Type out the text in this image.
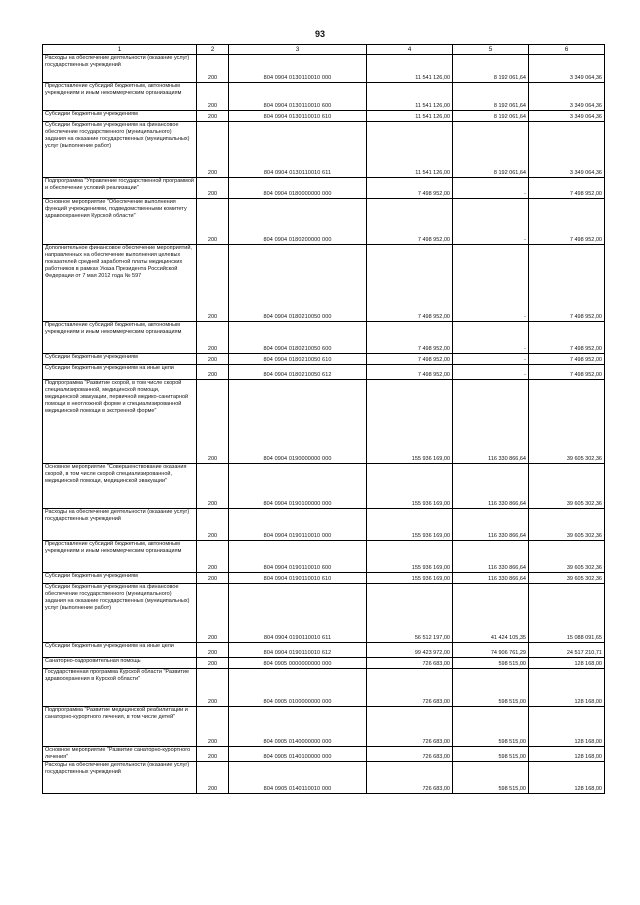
93
1	2	3	4	5	6
Расходы на обеспечение деятельности (оказание услуг) государственных учреждений	200	804 0904 0130110010 000	11 541 126,00	8 192 061,64	3 349 064,36
Предоставление субсидий бюджетным, автономным учреждениям и иным некоммерческим организациям	200	804 0904 0130110010 600	11 541 126,00	8 192 061,64	3 349 064,36
Субсидии бюджетным учреждениям	200	804 0904 0130110010 610	11 541 126,00	8 192 061,64	3 349 064,36
Субсидии бюджетным учреждениям на финансовое обеспечение государственного (муниципального) задания на оказание государственных (муниципальных) услуг (выполнение работ)	200	804 0904 0130110010 611	11 541 126,00	8 192 061,64	3 349 064,36
Подпрограмма "Управление государственной программой и обеспечение условий реализации"	200	804 0904 0180000000 000	7 498 952,00	-	7 498 952,00
Основное мероприятие "Обеспечение выполнения функций учреждениями, подведомственными комитету здравоохранения Курской области"	200	804 0904 0180200000 000	7 498 952,00	-	7 498 952,00
Дополнительное финансовое обеспечение мероприятий, направленных на обеспечение выполнения целевых показателей средней заработной платы медицинских работников в рамках Указа Президента Российской Федерации от 7 мая 2012 года № 597	200	804 0904 0180210050 000	7 498 952,00	-	7 498 952,00
Предоставление субсидий бюджетным, автономным учреждениям и иным некоммерческим организациям	200	804 0904 0180210050 600	7 498 952,00	-	7 498 952,00
Субсидии бюджетным учреждениям	200	804 0904 0180210050 610	7 498 952,00	-	7 498 952,00
Субсидии бюджетным учреждениям на иные цели	200	804 0904 0180210050 612	7 498 952,00	-	7 498 952,00
Подпрограмма "Развитие скорой, в том числе скорой специализированной, медицинской помощи, медицинской эвакуации, первичной медико-санитарной помощи в неотложной форме и специализированной медицинской помощи в экстренной форме"	200	804 0904 0190000000 000	155 936 169,00	116 330 866,64	39 605 302,36
Основное мероприятие "Совершенствование оказания скорой, в том числе скорой специализированной, медицинской помощи, медицинской эвакуации"	200	804 0904 0190100000 000	155 936 169,00	116 330 866,64	39 605 302,36
Расходы на обеспечение деятельности (оказание услуг) государственных учреждений	200	804 0904 0190110010 000	155 936 169,00	116 330 866,64	39 605 302,36
Предоставление субсидий бюджетным, автономным учреждениям и иным некоммерческим организациям	200	804 0904 0190110010 600	155 936 169,00	116 330 866,64	39 605 302,36
Субсидии бюджетным учреждениям	200	804 0904 0190110010 610	155 936 169,00	116 330 866,64	39 605 302,36
Субсидии бюджетным учреждениям на финансовое обеспечение государственного (муниципального) задания на оказание государственных (муниципальных) услуг (выполнение работ)	200	804 0904 0190110010 611	56 512 197,00	41 424 105,35	15 088 091,65
Субсидии бюджетным учреждениям на иные цели	200	804 0904 0190110010 612	99 423 972,00	74 906 761,29	24 517 210,71
Санаторно-оздоровительная помощь	200	804 0905 0000000000 000	726 683,00	598 515,00	128 168,00
Государственная программа Курской области "Развитие здравоохранения в Курской области"	200	804 0905 0100000000 000	726 683,00	598 515,00	128 168,00
Подпрограмма "Развитие медицинской реабилитации и санаторно-курортного лечения, в том числе детей"	200	804 0905 0140000000 000	726 683,00	598 515,00	128 168,00
Основное мероприятие "Развитие санаторно-курортного лечения"	200	804 0905 0140100000 000	726 683,00	598 515,00	128 168,00
Расходы на обеспечение деятельности (оказание услуг) государственных учреждений	200	804 0905 0140110010 000	726 683,00	598 515,00	128 168,00
